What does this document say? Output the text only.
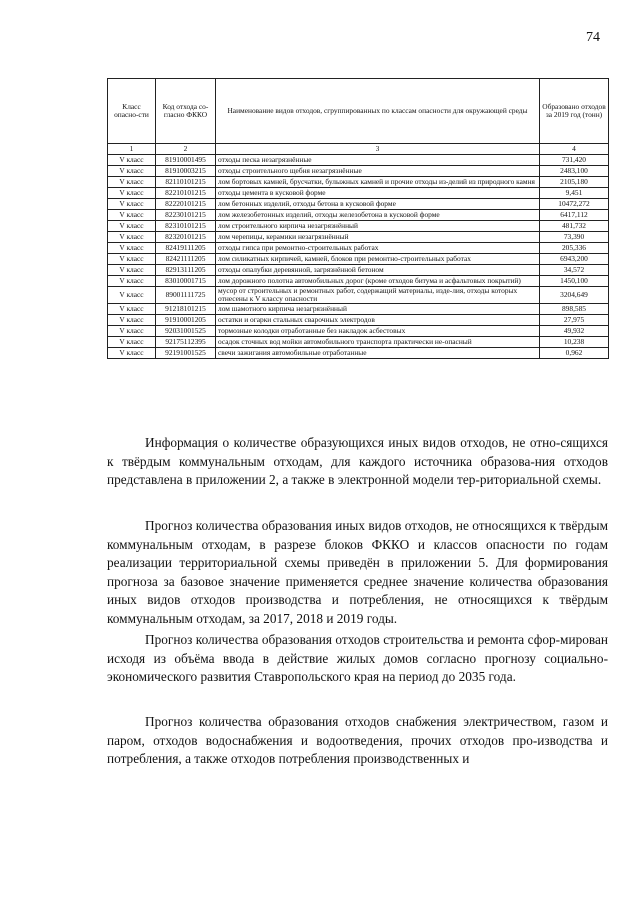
74
Класс опасно-сти	Код отхода со-гласно ФККО	Наименование видов отходов, сгруппированных по классам опасности для окружающей среды	Образовано отходов за 2019 год (тонн)
1	2	3	4
V класс	81910001495	отходы песка незагрязнённые	731,420
V класс	81910003215	отходы строительного щебня незагрязнённые	2483,100
V класс	82110101215	лом бортовых камней, брусчатки, булыжных камней и прочие отходы из-делий из природного камня	2105,180
V класс	82210101215	отходы цемента в кусковой форме	9,451
V класс	82220101215	лом бетонных изделий, отходы бетона в кусковой форме	10472,272
V класс	82230101215	лом железобетонных изделий, отходы железобетона в кусковой форме	6417,112
V класс	82310101215	лом строительного кирпича незагрязнённый	481,732
V класс	82320101215	лом черепицы, керамики незагрязнённый	73,390
V класс	82419111205	отходы гипса при ремонтно-строительных работах	205,336
V класс	82421111205	лом силикатных кирпичей, камней, блоков при ремонтно-строительных работах	6943,200
V класс	82913111205	отходы опалубки деревянной, загрязнённой бетоном	34,572
V класс	83010001715	лом дорожного полотна автомобильных дорог (кроме отходов битума и асфальтовых покрытий)	1450,100
V класс	89001111725	мусор от строительных и ремонтных работ, содержащий материалы, изде-лия, отходы которых отнесены к V классу опасности	3204,649
V класс	91218101215	лом шамотного кирпича незагрязнённый	898,585
V класс	91910001205	остатки и огарки стальных сварочных электродов	27,975
V класс	92031001525	тормозные колодки отработанные без накладок асбестовых	49,932
V класс	92175112395	осадок сточных вод мойки автомобильного транспорта практически не-опасный	10,238
V класс	92191001525	свечи зажигания автомобильные отработанные	0,962

Информация о количестве образующихся иных видов отходов, не отно-сящихся к твёрдым коммунальным отходам, для каждого источника образова-ния отходов представлена в приложении 2, а также в электронной модели тер-риториальной схемы.

Прогноз количества образования иных видов отходов, не относящихся к твёрдым коммунальным отходам, в разрезе блоков ФККО и классов опасности по годам реализации территориальной схемы приведён в приложении 5. Для формирования прогноза за базовое значение применяется среднее значение количества образования иных видов отходов производства и потребления, не относящихся к твёрдым коммунальным отходам, за 2017, 2018 и 2019 годы.

Прогноз количества образования отходов строительства и ремонта сфор-мирован исходя из объёма ввода в действие жилых домов согласно прогнозу социально-экономического развития Ставропольского края на период до 2035 года.

Прогноз количества образования отходов снабжения электричеством, газом и паром, отходов водоснабжения и водоотведения, прочих отходов про-изводства и потребления, а также отходов потребления производственных и
